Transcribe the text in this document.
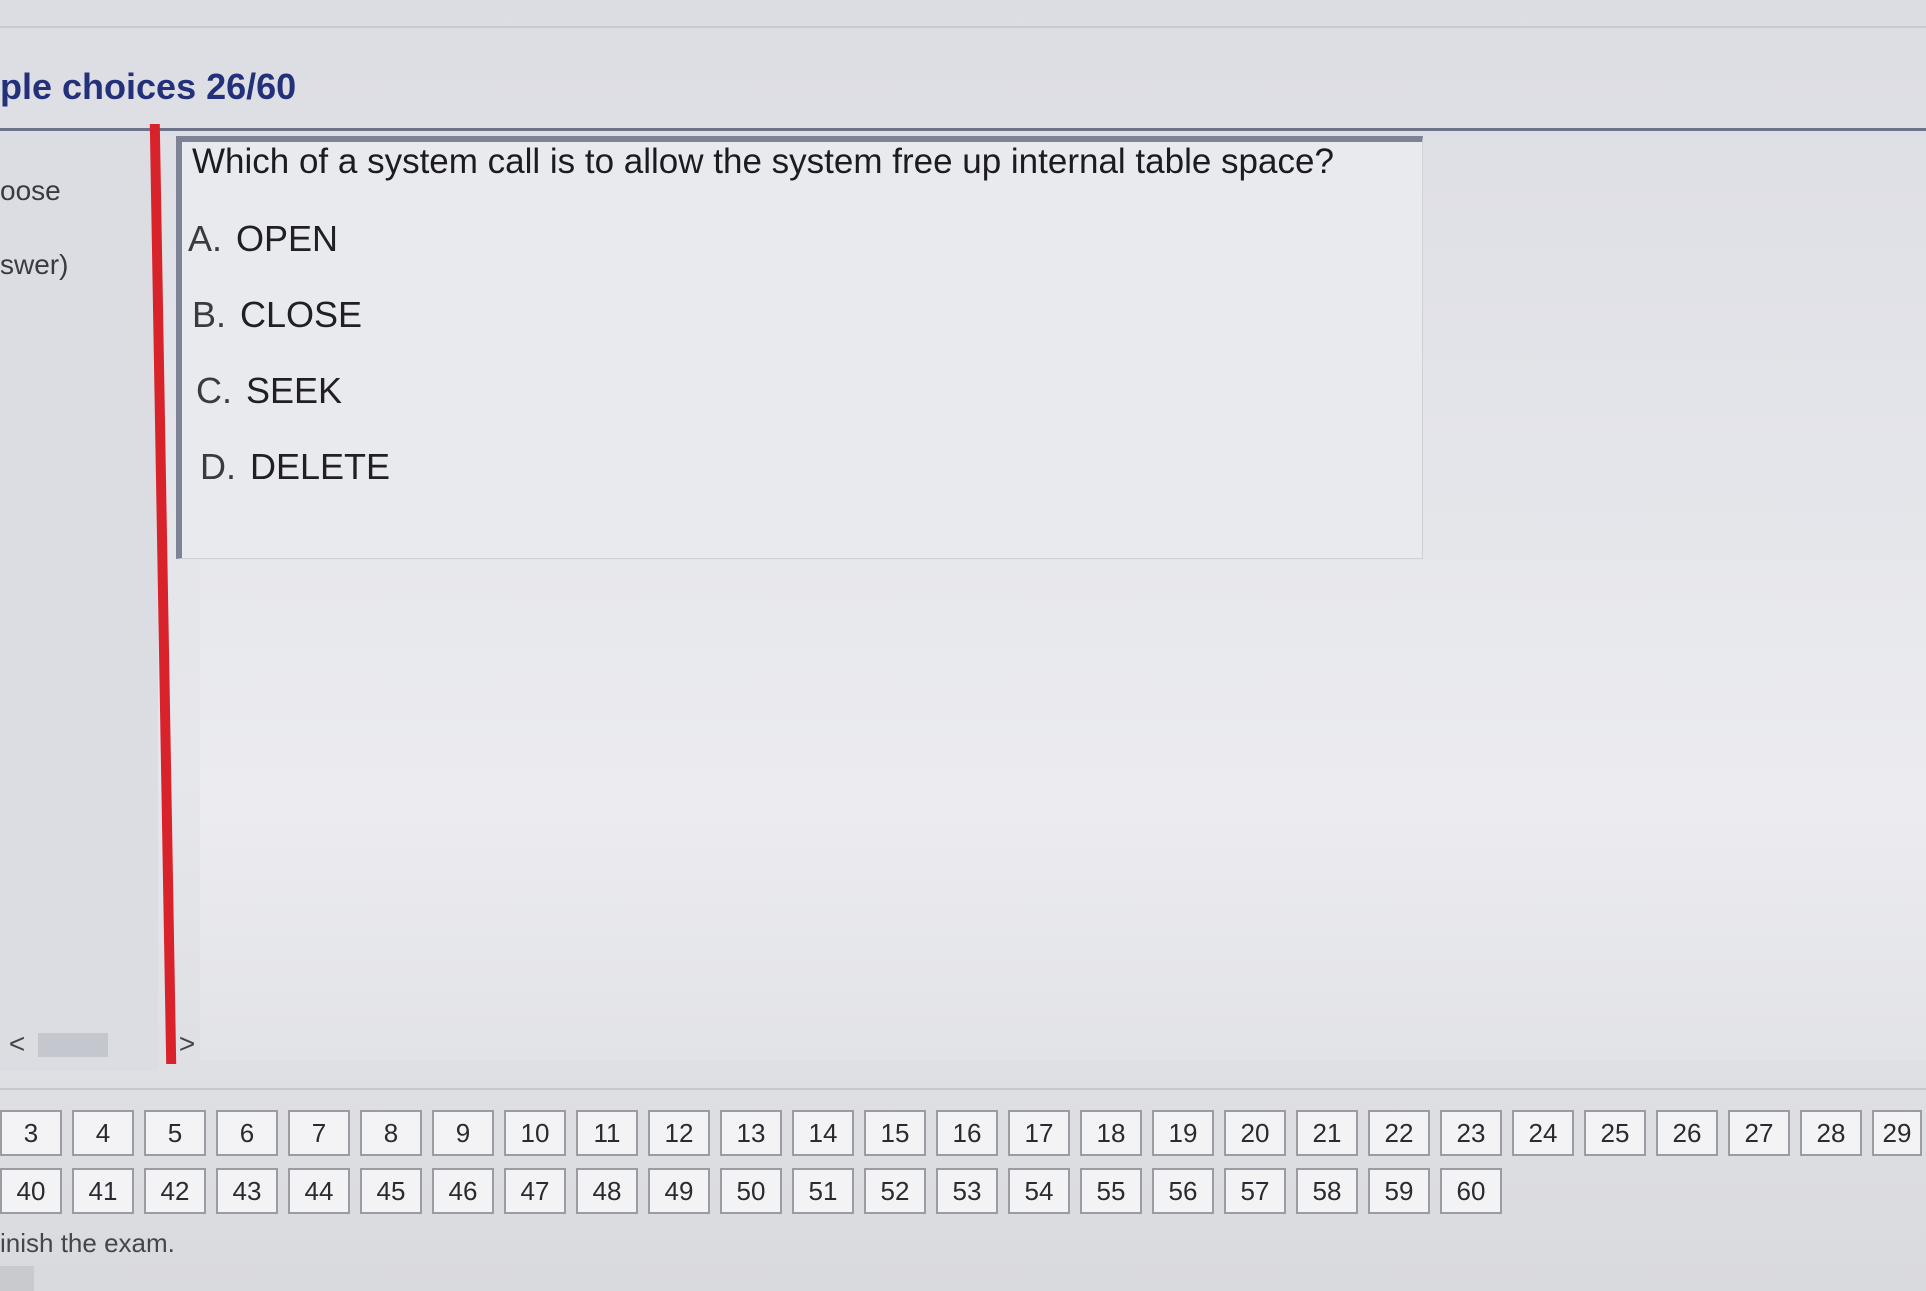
ple choices 26/60
oose
swer)
<	>
Which of a system call is to allow the system free up internal table space?
A. OPEN
B. CLOSE
C. SEEK
D. DELETE
3	4	5	6	7	8	9	10	11	12	13	14	15	16	17	18	19	20	21	22	23	24	25	26	27	28	29
40	41	42	43	44	45	46	47	48	49	50	51	52	53	54	55	56	57	58	59	60
inish the exam.
